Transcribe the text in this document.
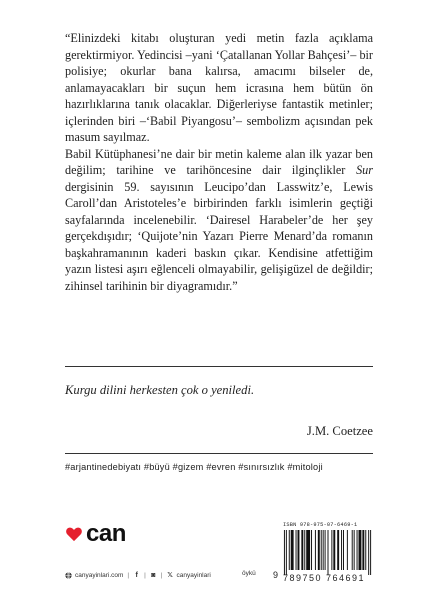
“Elinizdeki kitabı oluşturan yedi metin fazla açıklama gerektirmiyor. Yedincisi –yani ‘Çatallanan Yollar Bahçesi’– bir polisiye; okurlar bana kalırsa, amacımı bilseler de, anlamayacakları bir suçun hem icrasına hem bütün ön hazırlıklarına tanık olacaklar. Diğerleriyse fantastik metinler; içlerinden biri –‘Babil Piyangosu’– sembolizm açısından pek masum sayılmaz.

Babil Kütüphanesi’ne dair bir metin kaleme alan ilk yazar ben değilim; tarihine ve tarihöncesine dair ilginçlikler Sur dergisinin 59. sayısının Leucipo’dan Lasswitz’e, Lewis Caroll’dan Aristoteles’e birbirinden farklı isimlerin geçtiği sayfalarında incelenebilir. ‘Dairesel Harabeler’de her şey gerçekdışıdır; ‘Quijote’nin Yazarı Pierre Menard’da romanın başkahramanının kaderi baskın çıkar. Kendisine atfettiğim yazın listesi aşırı eğlenceli olmayabilir, gelişigüzel de değildir; zihinsel tarihinin bir diyagramıdır.”

Kurgu dilini herkesten çok o yeniledi.
J.M. Coetzee
#arjantinedebiyatı #büyü #gizem #evren #sınırsızlık #mitoloji
can
canyayinlari.com | f | ◙ | 𝕏 canyayinlari	öykü
ISBN 978-975-07-6469-1
9 789750 764691
